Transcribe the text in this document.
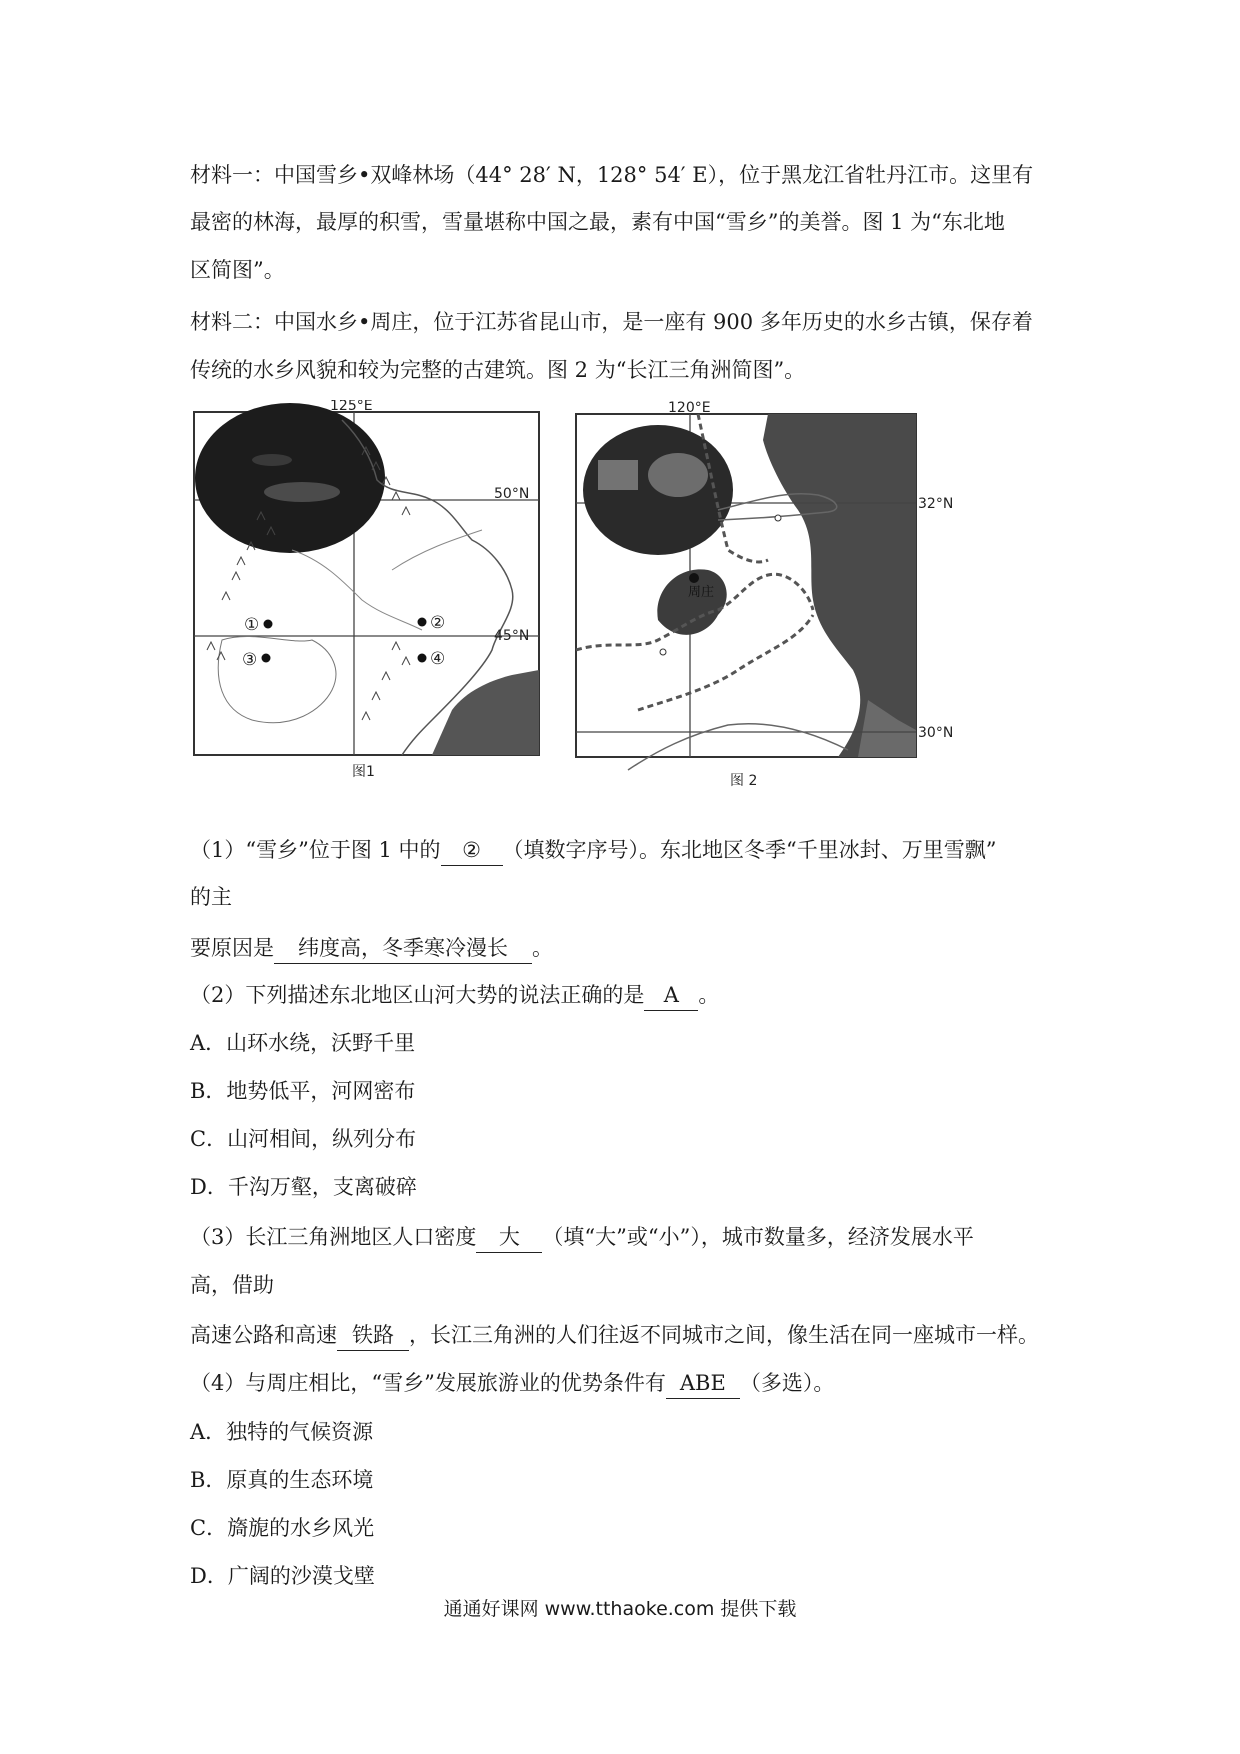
材料一：中国雪乡•双峰林场（44° 28′ N，128° 54′ E），位于黑龙江省牡丹江市。这里有
最密的林海，最厚的积雪，雪量堪称中国之最，素有中国“雪乡”的美誉。图 1 为“东北地
区简图”。
材料二：中国水乡•周庄，位于江苏省昆山市，是一座有 900 多年历史的水乡古镇，保存着
传统的水乡风貌和较为完整的古建筑。图 2 为“长江三角洲简图”。
①
③
②
④
125°E
50°N
45°N
图1
周庄
120°E
32°N
30°N
图 2
（1）“雪乡”位于图 1 中的 ② （填数字序号）。东北地区冬季“千里冰封、万里雪飘”
的主
要原因是 纬度高，冬季寒冷漫长 。
（2）下列描述东北地区山河大势的说法正确的是 A 。
A．山环水绕，沃野千里
B．地势低平，河网密布
C．山河相间，纵列分布
D．千沟万壑，支离破碎
（3）长江三角洲地区人口密度 大 （填“大”或“小”），城市数量多，经济发展水平
高，借助
高速公路和高速 铁路 ，长江三角洲的人们往返不同城市之间，像生活在同一座城市一样。
（4）与周庄相比，“雪乡”发展旅游业的优势条件有 ABE （多选）。
A．独特的气候资源
B．原真的生态环境
C．旖旎的水乡风光
D．广阔的沙漠戈壁
通通好课网 www.tthaoke.com 提供下载
